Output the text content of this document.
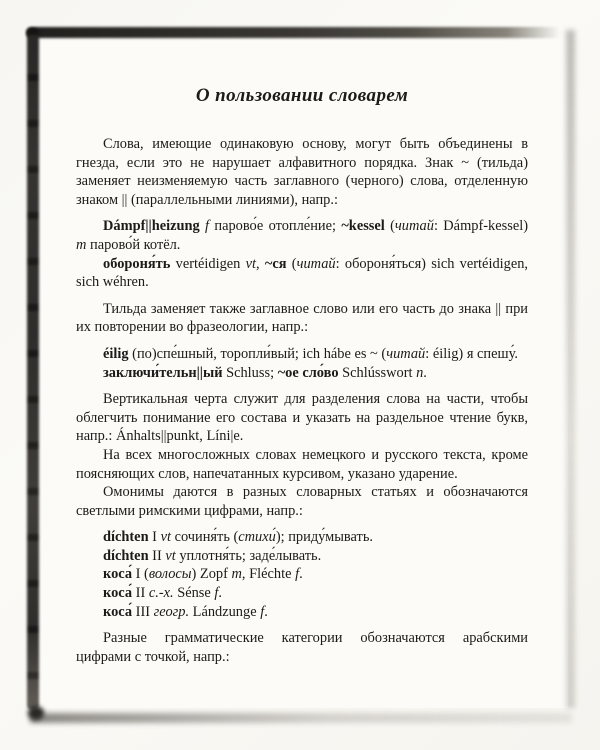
О пользовании словарем

Слова, имеющие одинаковую основу, могут быть объединены в гнезда, если это не нарушает алфавитного порядка. Знак ~ (тильда) заменяет неизменяемую часть заглавного (черного) слова, отделенную знаком || (параллельными линиями), напр.:

Dámpf||heizung f парово́е отопле́ние; ~kessel (читай: Dámpf-kessel) m парово́й котёл.

обороня́ть vertéidigen vt, ~ся (читай: обороня́ться) sich vertéidigen, sich wéhren.

Тильда заменяет также заглавное слово или его часть до знака || при их повторении во фразеологии, напр.:

éilig (по)спе́шный, торопли́вый; ich hábe es ~ (читай: éilig) я спешу́.

заключи́тельн||ый Schluss; ~ое сло́во Schlússwort n.

Вертикальная черта служит для разделения слова на части, чтобы облегчить понимание его состава и указать на раздельное чтение букв, напр.: Ánhalts||punkt, Líni|e.

На всех многосложных словах немецкого и русского текста, кроме поясняющих слов, напечатанных курсивом, указано ударение.

Омонимы даются в разных словарных статьях и обозначаются светлыми римскими цифрами, напр.:

díchten I vt сочиня́ть (стихи́); приду́мывать.

díchten II vt уплотня́ть; заде́лывать.

коса́ I (волосы) Zopf m, Fléchte f.

коса́ II с.-х. Sénse f.

коса́ III геогр. Lándzunge f.

Разные грамматические категории обозначаются арабскими цифрами с точкой, напр.:
